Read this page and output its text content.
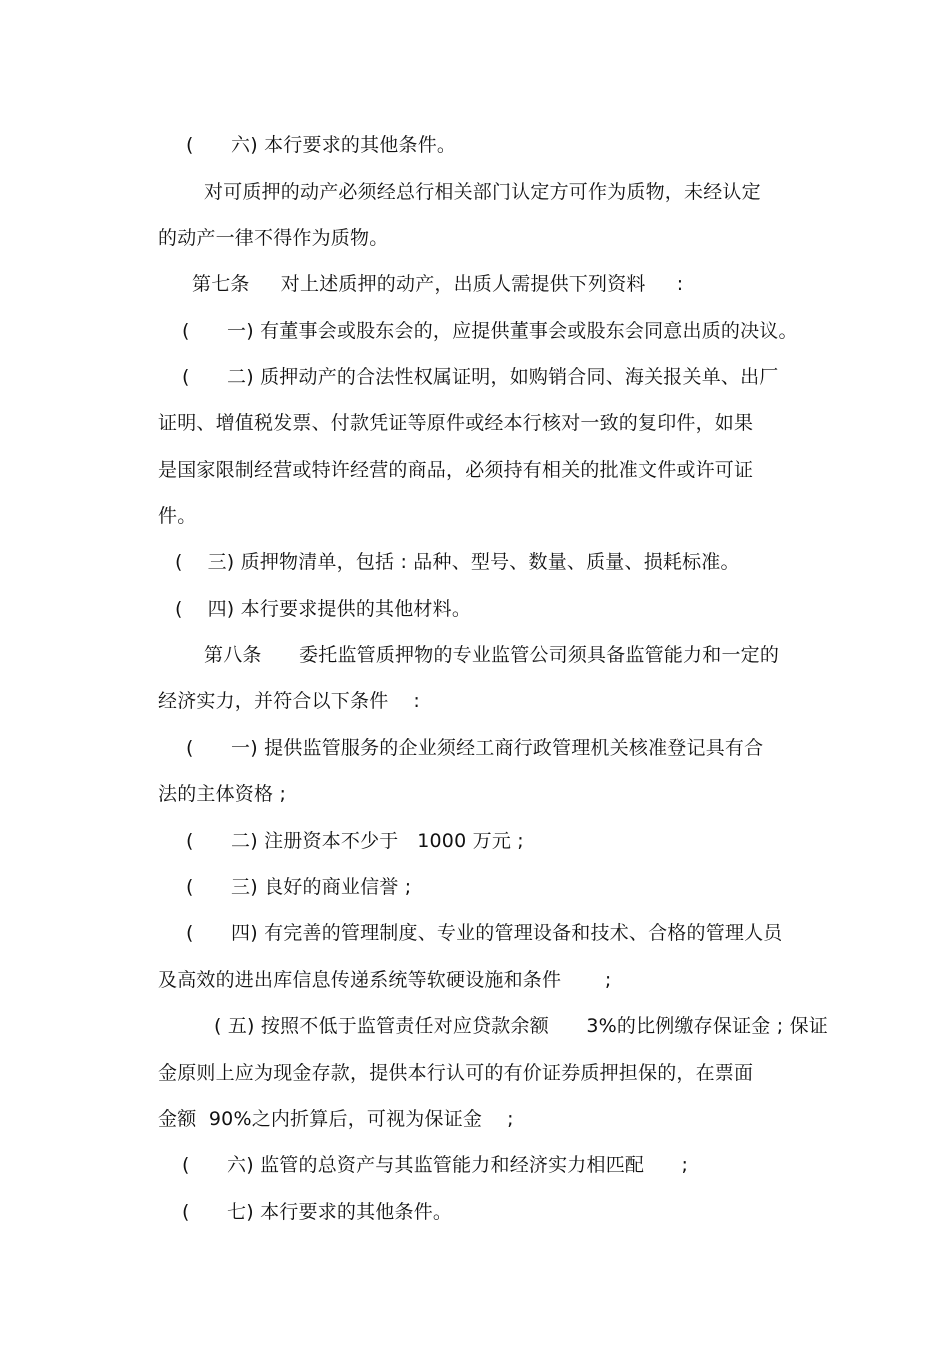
(      六) 本行要求的其他条件。
对可质押的动产必须经总行相关部门认定方可作为质物，未经认定
的动产一律不得作为质物。
第七条     对上述质押的动产，出质人需提供下列资料     :
(      一) 有董事会或股东会的，应提供董事会或股东会同意出质的决议。
(      二) 质押动产的合法性权属证明，如购销合同、海关报关单、出厂
证明、增值税发票、付款凭证等原件或经本行核对一致的复印件，如果
是国家限制经营或特许经营的商品，必须持有相关的批准文件或许可证
件。
(    三) 质押物清单，包括 : 品种、型号、数量、质量、损耗标准。
(    四) 本行要求提供的其他材料。
第八条      委托监管质押物的专业监管公司须具备监管能力和一定的
经济实力，并符合以下条件    :
(      一) 提供监管服务的企业须经工商行政管理机关核准登记具有合
法的主体资格 ;
(      二) 注册资本不少于   1000 万元 ;
(      三) 良好的商业信誉 ;
(      四) 有完善的管理制度、专业的管理设备和技术、合格的管理人员
及高效的进出库信息传递系统等软硬设施和条件       ;
( 五) 按照不低于监管责任对应贷款余额      3%的比例缴存保证金 ; 保证
金原则上应为现金存款，提供本行认可的有价证券质押担保的，在票面
金额  90%之内折算后，可视为保证金    ;
(      六) 监管的总资产与其监管能力和经济实力相匹配      ;
(      七) 本行要求的其他条件。
